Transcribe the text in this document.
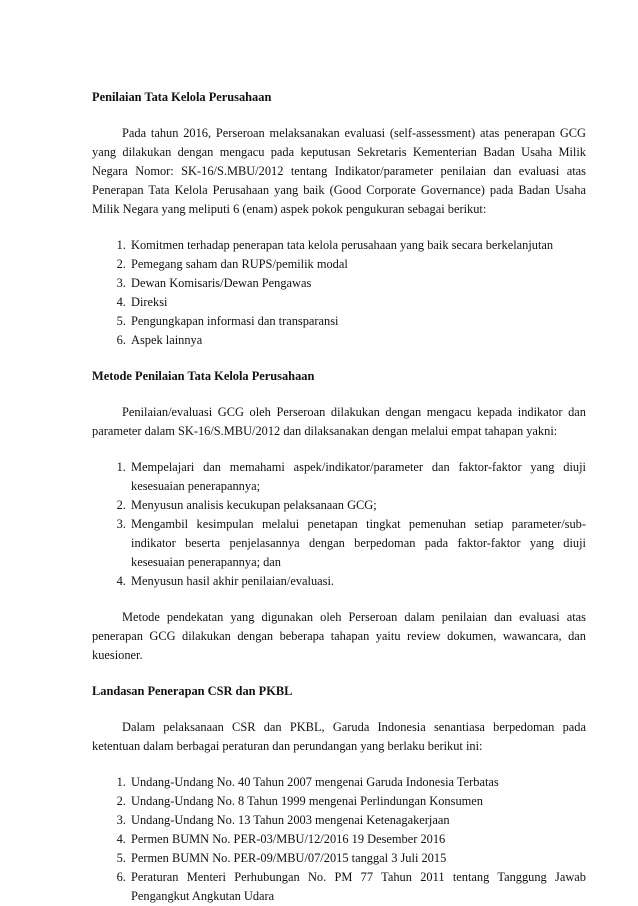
Penilaian Tata Kelola Perusahaan

Pada tahun 2016, Perseroan melaksanakan evaluasi (self-assessment) atas penerapan GCG yang dilakukan dengan mengacu pada keputusan Sekretaris Kementerian Badan Usaha Milik Negara Nomor: SK-16/S.MBU/2012 tentang Indikator/parameter penilaian dan evaluasi atas Penerapan Tata Kelola Perusahaan yang baik (Good Corporate Governance) pada Badan Usaha Milik Negara yang meliputi 6 (enam) aspek pokok pengukuran sebagai berikut:

1. Komitmen terhadap penerapan tata kelola perusahaan yang baik secara berkelanjutan
2. Pemegang saham dan RUPS/pemilik modal
3. Dewan Komisaris/Dewan Pengawas
4. Direksi
5. Pengungkapan informasi dan transparansi
6. Aspek lainnya
Metode Penilaian Tata Kelola Perusahaan

Penilaian/evaluasi GCG oleh Perseroan dilakukan dengan mengacu kepada indikator dan parameter dalam SK-16/S.MBU/2012 dan dilaksanakan dengan melalui empat tahapan yakni:

1. Mempelajari dan memahami aspek/indikator/parameter dan faktor-faktor yang diuji kesesuaian penerapannya;
2. Menyusun analisis kecukupan pelaksanaan GCG;
3. Mengambil kesimpulan melalui penetapan tingkat pemenuhan setiap parameter/sub-indikator beserta penjelasannya dengan berpedoman pada faktor-faktor yang diuji kesesuaian penerapannya; dan
4. Menyusun hasil akhir penilaian/evaluasi.

Metode pendekatan yang digunakan oleh Perseroan dalam penilaian dan evaluasi atas penerapan GCG dilakukan dengan beberapa tahapan yaitu review dokumen, wawancara, dan kuesioner.

Landasan Penerapan CSR dan PKBL

Dalam pelaksanaan CSR dan PKBL, Garuda Indonesia senantiasa berpedoman pada ketentuan dalam berbagai peraturan dan perundangan yang berlaku berikut ini:

1. Undang-Undang No. 40 Tahun 2007 mengenai Garuda Indonesia Terbatas
2. Undang-Undang No. 8 Tahun 1999 mengenai Perlindungan Konsumen
3. Undang-Undang No. 13 Tahun 2003 mengenai Ketenagakerjaan
4. Permen BUMN No. PER-03/MBU/12/2016 19 Desember 2016
5. Permen BUMN No. PER-09/MBU/07/2015 tanggal 3 Juli 2015
6. Peraturan Menteri Perhubungan No. PM 77 Tahun 2011 tentang Tanggung Jawab Pengangkut Angkutan Udara
